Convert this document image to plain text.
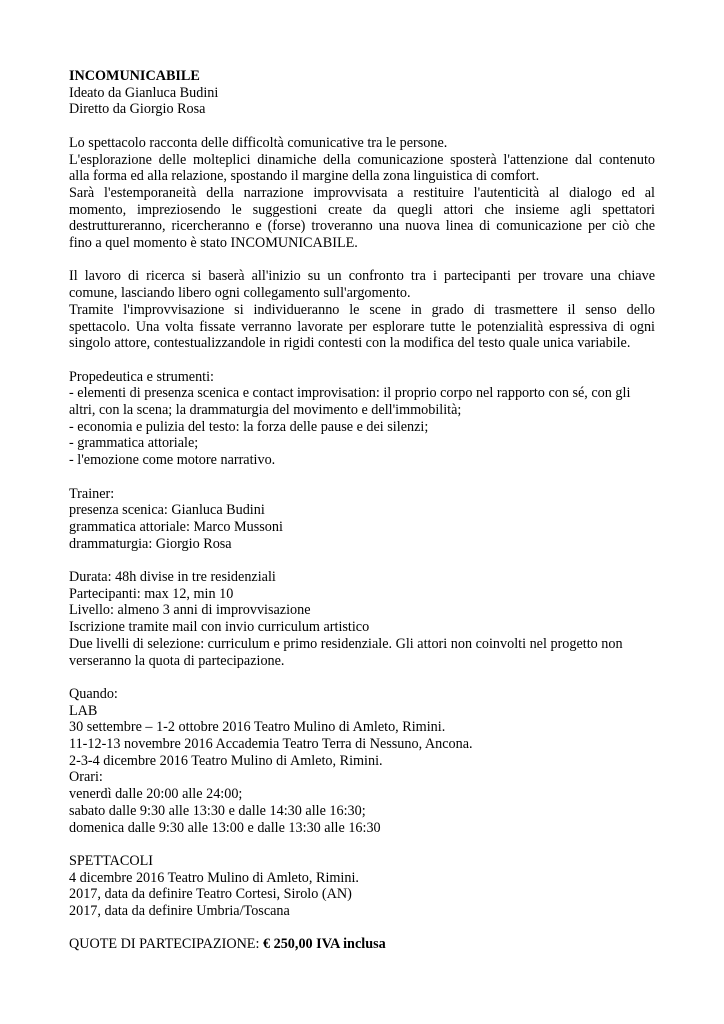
INCOMUNICABILE
Ideato da Gianluca Budini
Diretto da Giorgio Rosa
Lo spettacolo racconta delle difficoltà comunicative tra le persone.
L'esplorazione delle molteplici dinamiche della comunicazione sposterà l'attenzione dal contenuto
alla forma ed alla relazione, spostando il margine della zona linguistica di comfort.
Sarà l'estemporaneità della narrazione improvvisata a restituire l'autenticità al dialogo ed al
momento, impreziosendo le suggestioni create da quegli attori che insieme agli spettatori
destruttureranno, ricercheranno e (forse) troveranno una nuova linea di comunicazione per ciò che
fino a quel momento è stato INCOMUNICABILE.
Il lavoro di ricerca si baserà all'inizio su un confronto tra i partecipanti per trovare una chiave
comune, lasciando libero ogni collegamento sull'argomento.
Tramite l'improvvisazione si individueranno le scene in grado di trasmettere il senso dello
spettacolo. Una volta fissate verranno lavorate per esplorare tutte le potenzialità espressiva di ogni
singolo attore, contestualizzandole in rigidi contesti con la modifica del testo quale unica variabile.
Propedeutica e strumenti:
- elementi di presenza scenica e contact improvisation: il proprio corpo nel rapporto con sé, con gli
altri, con la scena; la drammaturgia del movimento e dell'immobilità;
- economia e pulizia del testo: la forza delle pause e dei silenzi;
- grammatica attoriale;
- l'emozione come motore narrativo.
Trainer:
presenza scenica: Gianluca Budini
grammatica attoriale: Marco Mussoni
drammaturgia: Giorgio Rosa
Durata: 48h divise in tre residenziali
Partecipanti: max 12, min 10
Livello: almeno 3 anni di improvvisazione
Iscrizione tramite mail con invio curriculum artistico
Due livelli di selezione: curriculum e primo residenziale. Gli attori non coinvolti nel progetto non
verseranno la quota di partecipazione.
Quando:
LAB
30 settembre – 1-2 ottobre 2016 Teatro Mulino di Amleto, Rimini.
11-12-13 novembre 2016 Accademia Teatro Terra di Nessuno, Ancona.
2-3-4 dicembre 2016 Teatro Mulino di Amleto, Rimini.
Orari:
venerdì dalle 20:00 alle 24:00;
sabato dalle 9:30 alle 13:30 e dalle 14:30 alle 16:30;
domenica dalle 9:30 alle 13:00 e dalle 13:30 alle 16:30
SPETTACOLI
4 dicembre 2016 Teatro Mulino di Amleto, Rimini.
2017, data da definire Teatro Cortesi, Sirolo (AN)
2017, data da definire Umbria/Toscana
QUOTE DI PARTECIPAZIONE: € 250,00 IVA inclusa
